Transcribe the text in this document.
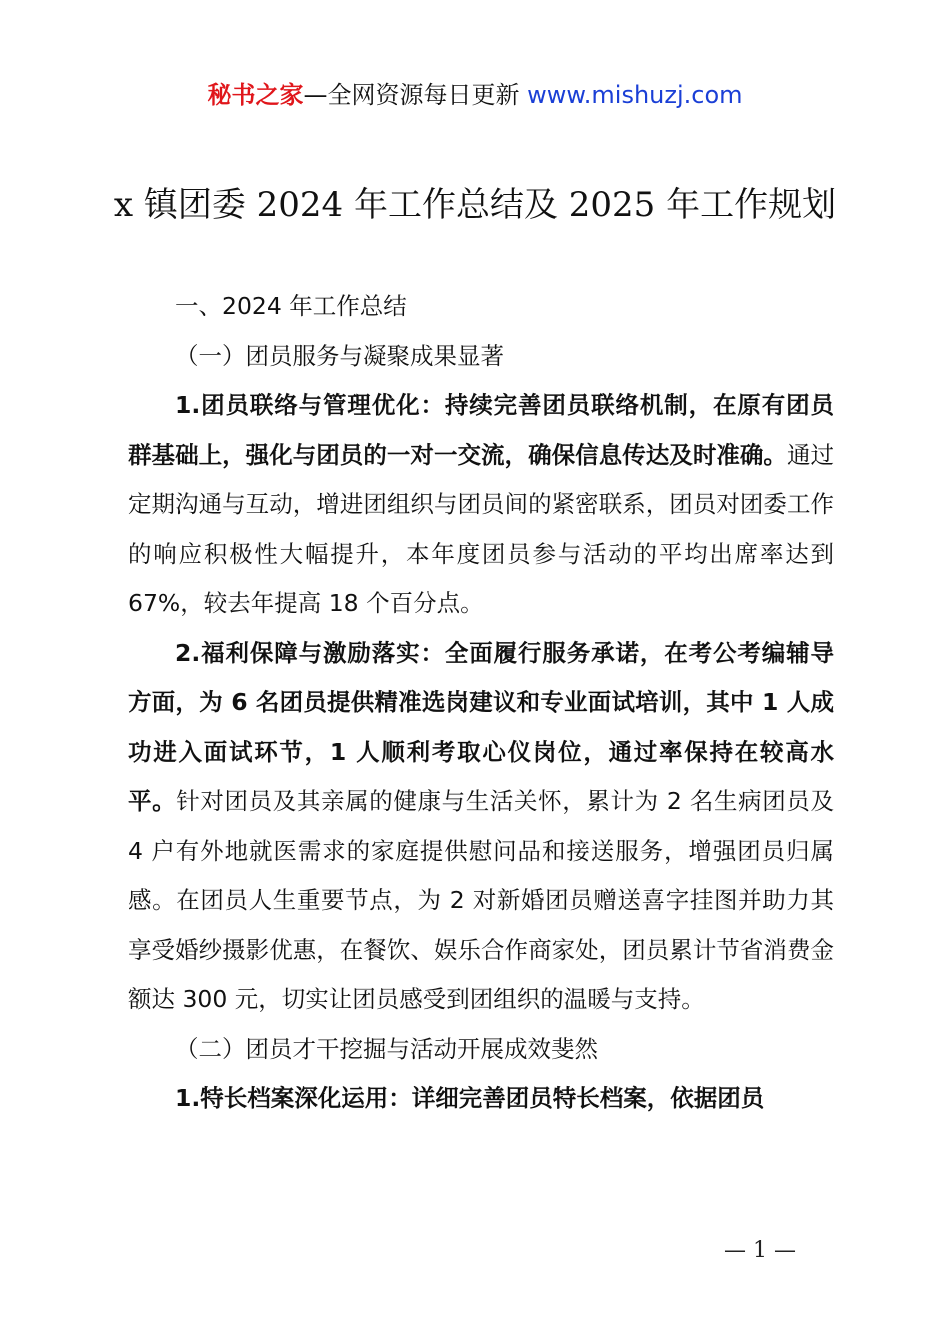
秘书之家—全网资源每日更新 www.mishuzj.com
x 镇团委 2024 年工作总结及 2025 年工作规划

一、2024 年工作总结

（一）团员服务与凝聚成果显著

1.团员联络与管理优化：持续完善团员联络机制，在原有团员群基础上，强化与团员的一对一交流，确保信息传达及时准确。通过定期沟通与互动，增进团组织与团员间的紧密联系，团员对团委工作的响应积极性大幅提升，本年度团员参与活动的平均出席率达到 67%，较去年提高 18 个百分点。

2.福利保障与激励落实：全面履行服务承诺，在考公考编辅导方面，为 6 名团员提供精准选岗建议和专业面试培训，其中 1 人成功进入面试环节，1 人顺利考取心仪岗位，通过率保持在较高水平。针对团员及其亲属的健康与生活关怀，累计为 2 名生病团员及 4 户有外地就医需求的家庭提供慰问品和接送服务，增强团员归属感。在团员人生重要节点，为 2 对新婚团员赠送喜字挂图并助力其享受婚纱摄影优惠，在餐饮、娱乐合作商家处，团员累计节省消费金额达 300 元，切实让团员感受到团组织的温暖与支持。

（二）团员才干挖掘与活动开展成效斐然

1.特长档案深化运用：详细完善团员特长档案，依据团员

— 1 —
